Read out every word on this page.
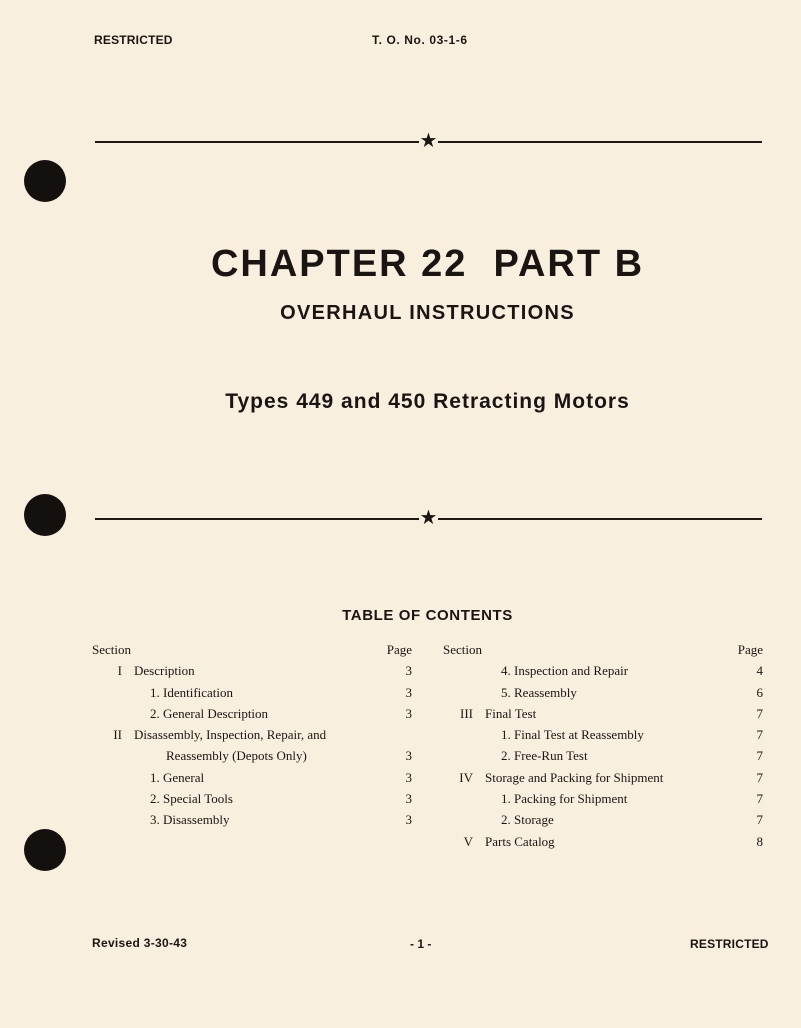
RESTRICTED	T. O. No. 03-1-6
★
CHAPTER 22 PART B
OVERHAUL INSTRUCTIONS
Types 449 and 450 Retracting Motors
★
TABLE OF CONTENTS
Section	Page
I Description	3
1. Identification	3
2. General Description	3
II Disassembly, Inspection, Repair, and
Reassembly (Depots Only)	3
1. General	3
2. Special Tools	3
3. Disassembly	3
Section	Page
4. Inspection and Repair	4
5. Reassembly	6
III Final Test	7
1. Final Test at Reassembly	7
2. Free-Run Test	7
IV Storage and Packing for Shipment	7
1. Packing for Shipment	7
2. Storage	7
V Parts Catalog	8
Revised 3-30-43	- 1 -	RESTRICTED
